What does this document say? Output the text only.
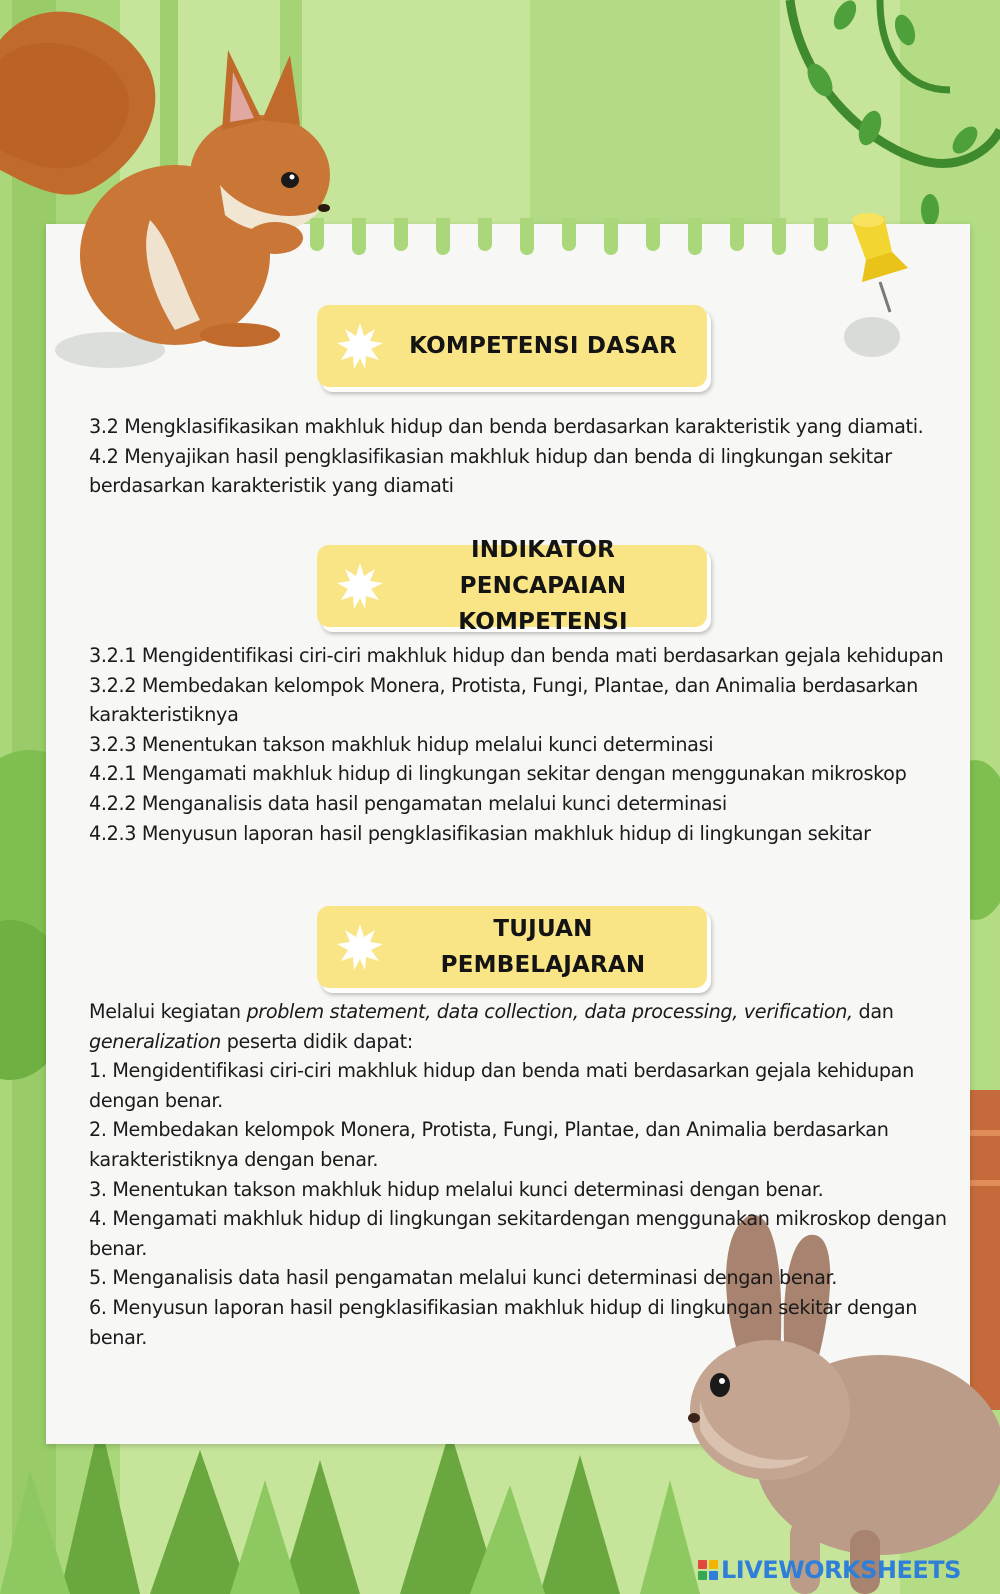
KOMPETENSI DASAR

3.2 Mengklasifikasikan makhluk hidup dan benda berdasarkan karakteristik yang diamati.

4.2 Menyajikan hasil pengklasifikasian makhluk hidup dan benda di lingkungan sekitar berdasarkan karakteristik yang diamati

INDIKATOR PENCAPAIAN
KOMPETENSI

3.2.1 Mengidentifikasi ciri-ciri makhluk hidup dan benda mati berdasarkan gejala kehidupan

3.2.2 Membedakan kelompok Monera, Protista, Fungi, Plantae, dan Animalia berdasarkan karakteristiknya

3.2.3 Menentukan takson makhluk hidup melalui kunci determinasi

4.2.1 Mengamati makhluk hidup di lingkungan sekitar dengan menggunakan mikroskop

4.2.2 Menganalisis data hasil pengamatan melalui kunci determinasi

4.2.3 Menyusun laporan hasil pengklasifikasian makhluk hidup di lingkungan sekitar

TUJUAN PEMBELAJARAN

Melalui kegiatan problem statement, data collection, data processing, verification, dan generalization peserta didik dapat:

1. Mengidentifikasi ciri-ciri makhluk hidup dan benda mati berdasarkan gejala kehidupan dengan benar.

2. Membedakan kelompok Monera, Protista, Fungi, Plantae, dan Animalia berdasarkan karakteristiknya dengan benar.

3. Menentukan takson makhluk hidup melalui kunci determinasi dengan benar.

4. Mengamati makhluk hidup di lingkungan sekitardengan menggunakan mikroskop dengan benar.

5. Menganalisis data hasil pengamatan melalui kunci determinasi dengan benar.

6. Menyusun laporan hasil pengklasifikasian makhluk hidup di lingkungan sekitar dengan benar.

LIVEWORKSHEETS
